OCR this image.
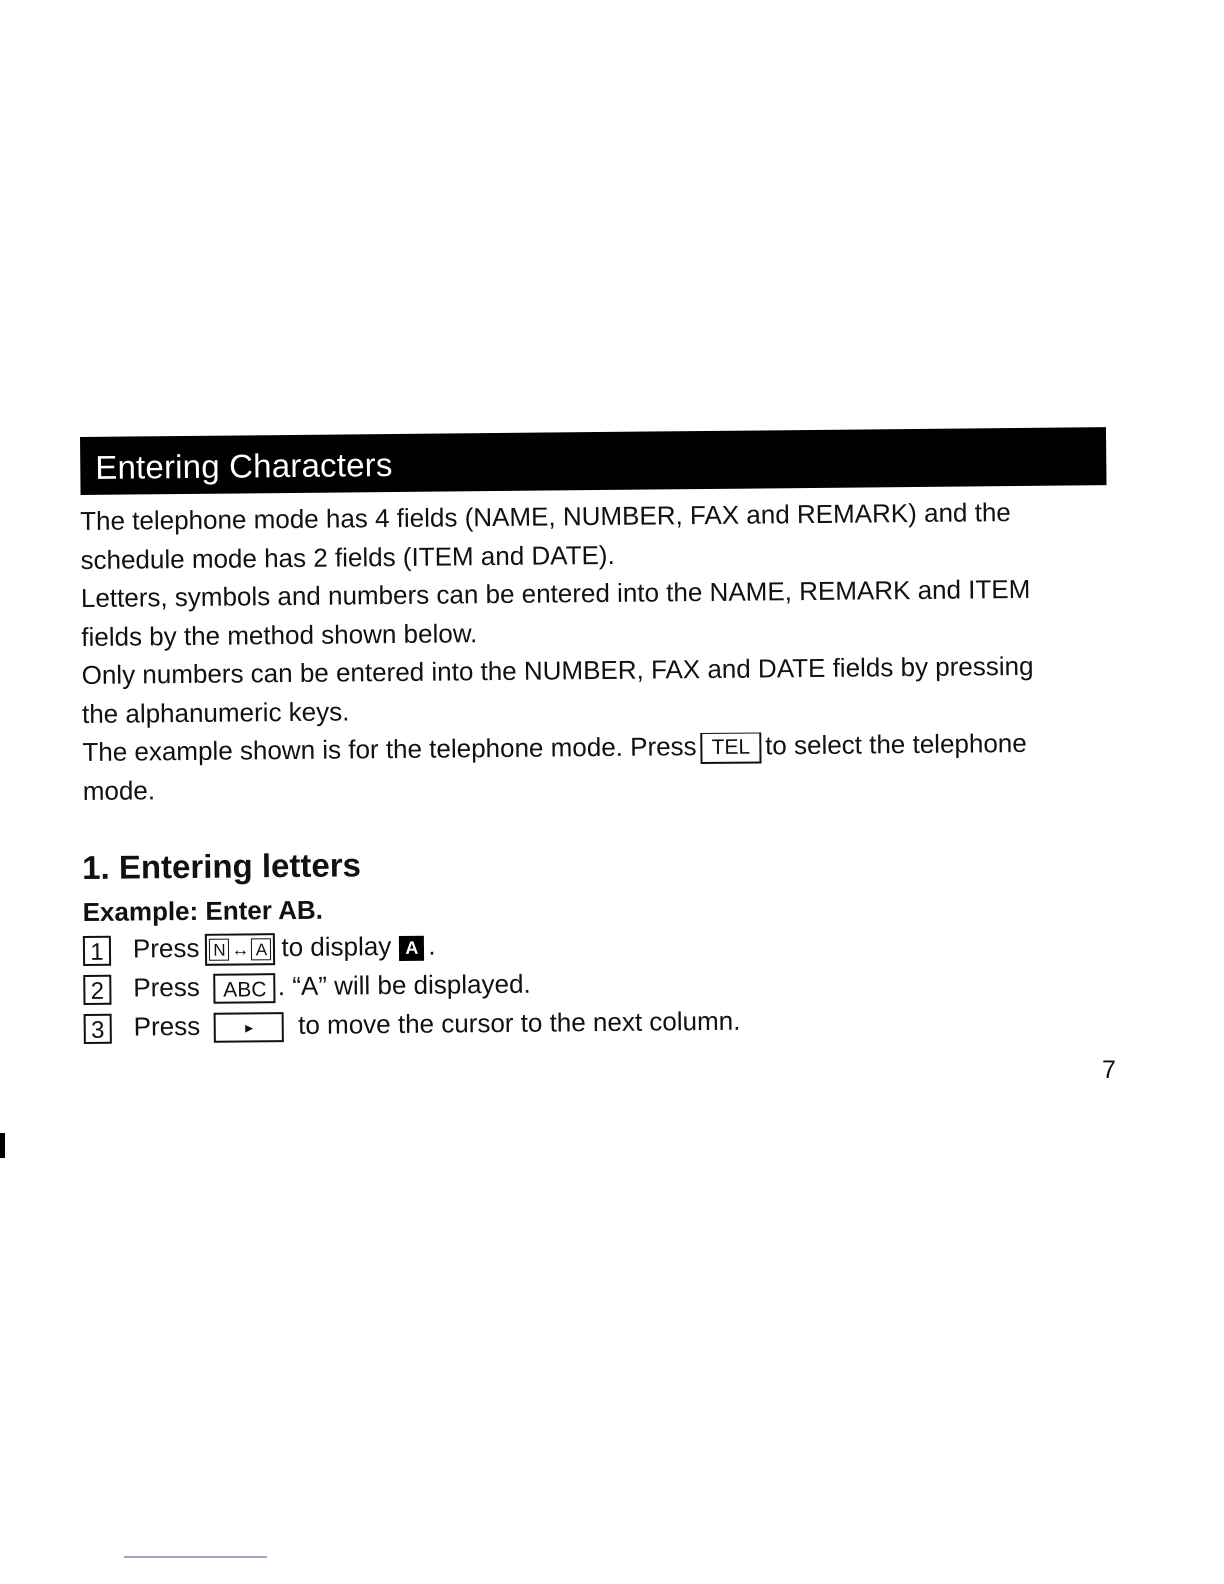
Entering Characters
The telephone mode has 4 fields (NAME, NUMBER, FAX and REMARK) and the
schedule mode has 2 fields (ITEM and DATE).
Letters, symbols and numbers can be entered into the NAME, REMARK and ITEM
fields by the method shown below.
Only numbers can be entered into the NUMBER, FAX and DATE fields by pressing
the alphanumeric keys.
The example shown is for the telephone mode. Press TEL to select the telephone
mode.
1. Entering letters
Example: Enter AB.
1 Press N ↔ A to display A .
2 Press ABC . “A” will be displayed.
3 Press	► to move the cursor to the next column.
7
